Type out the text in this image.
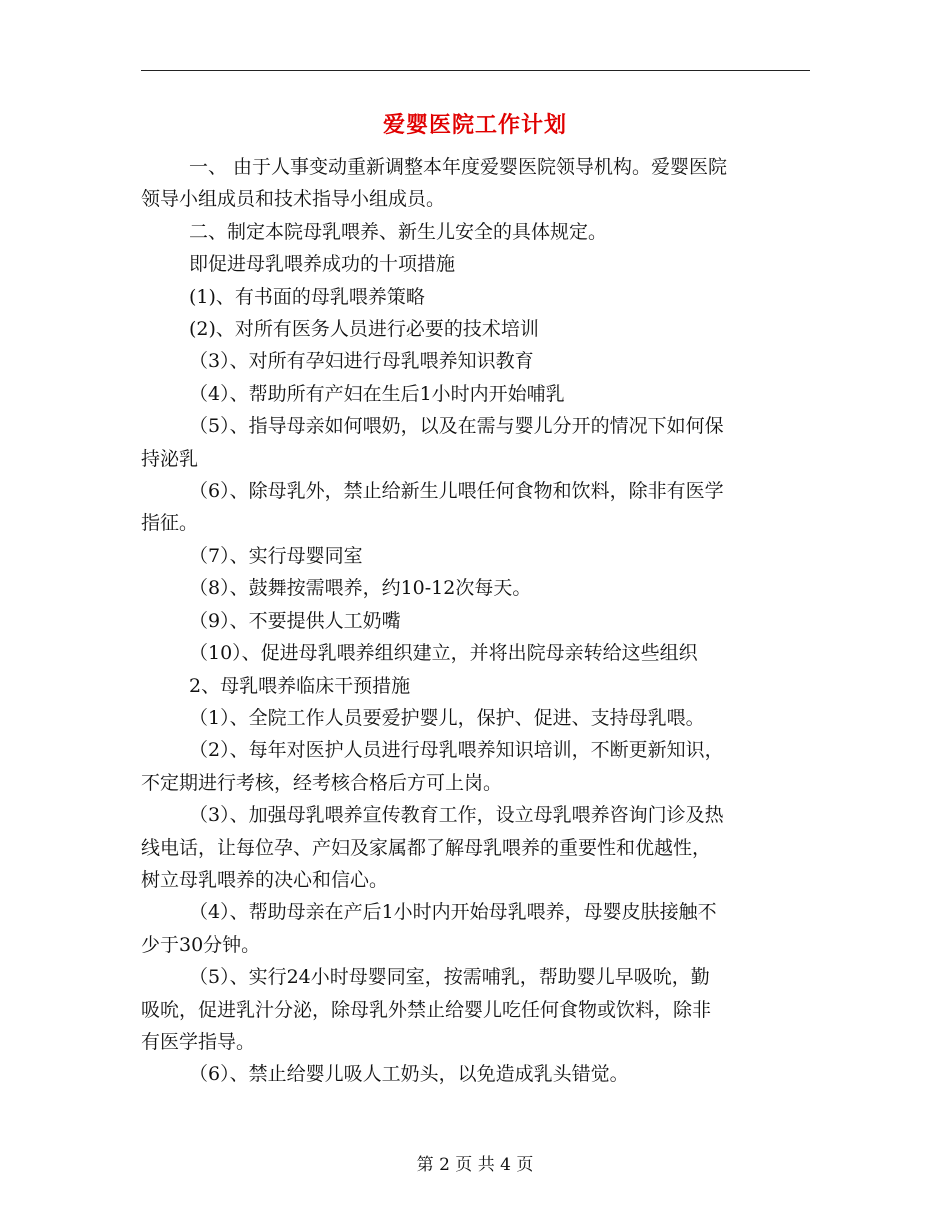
爱婴医院工作计划

一、 由于人事变动重新调整本年度爱婴医院领导机构。爱婴医院

领导小组成员和技术指导小组成员。

二、制定本院母乳喂养、新生儿安全的具体规定。

即促进母乳喂养成功的十项措施

(1)、有书面的母乳喂养策略

(2)、对所有医务人员进行必要的技术培训

（3）、对所有孕妇进行母乳喂养知识教育

（4）、帮助所有产妇在生后1小时内开始哺乳

（5）、指导母亲如何喂奶，以及在需与婴儿分开的情况下如何保

持泌乳

（6）、除母乳外，禁止给新生儿喂任何食物和饮料，除非有医学

指征。

（7）、实行母婴同室

（8）、鼓舞按需喂养，约10-12次每天。

（9）、不要提供人工奶嘴

（10）、促进母乳喂养组织建立，并将出院母亲转给这些组织

2、母乳喂养临床干预措施

（1）、全院工作人员要爱护婴儿，保护、促进、支持母乳喂。

（2）、每年对医护人员进行母乳喂养知识培训，不断更新知识，

不定期进行考核，经考核合格后方可上岗。

（3）、加强母乳喂养宣传教育工作，设立母乳喂养咨询门诊及热

线电话，让每位孕、产妇及家属都了解母乳喂养的重要性和优越性，

树立母乳喂养的决心和信心。

（4）、帮助母亲在产后1小时内开始母乳喂养，母婴皮肤接触不

少于30分钟。

（5）、实行24小时母婴同室，按需哺乳，帮助婴儿早吸吮，勤

吸吮，促进乳汁分泌，除母乳外禁止给婴儿吃任何食物或饮料，除非

有医学指导。

（6）、禁止给婴儿吸人工奶头，以免造成乳头错觉。

第 2 页 共 4 页
